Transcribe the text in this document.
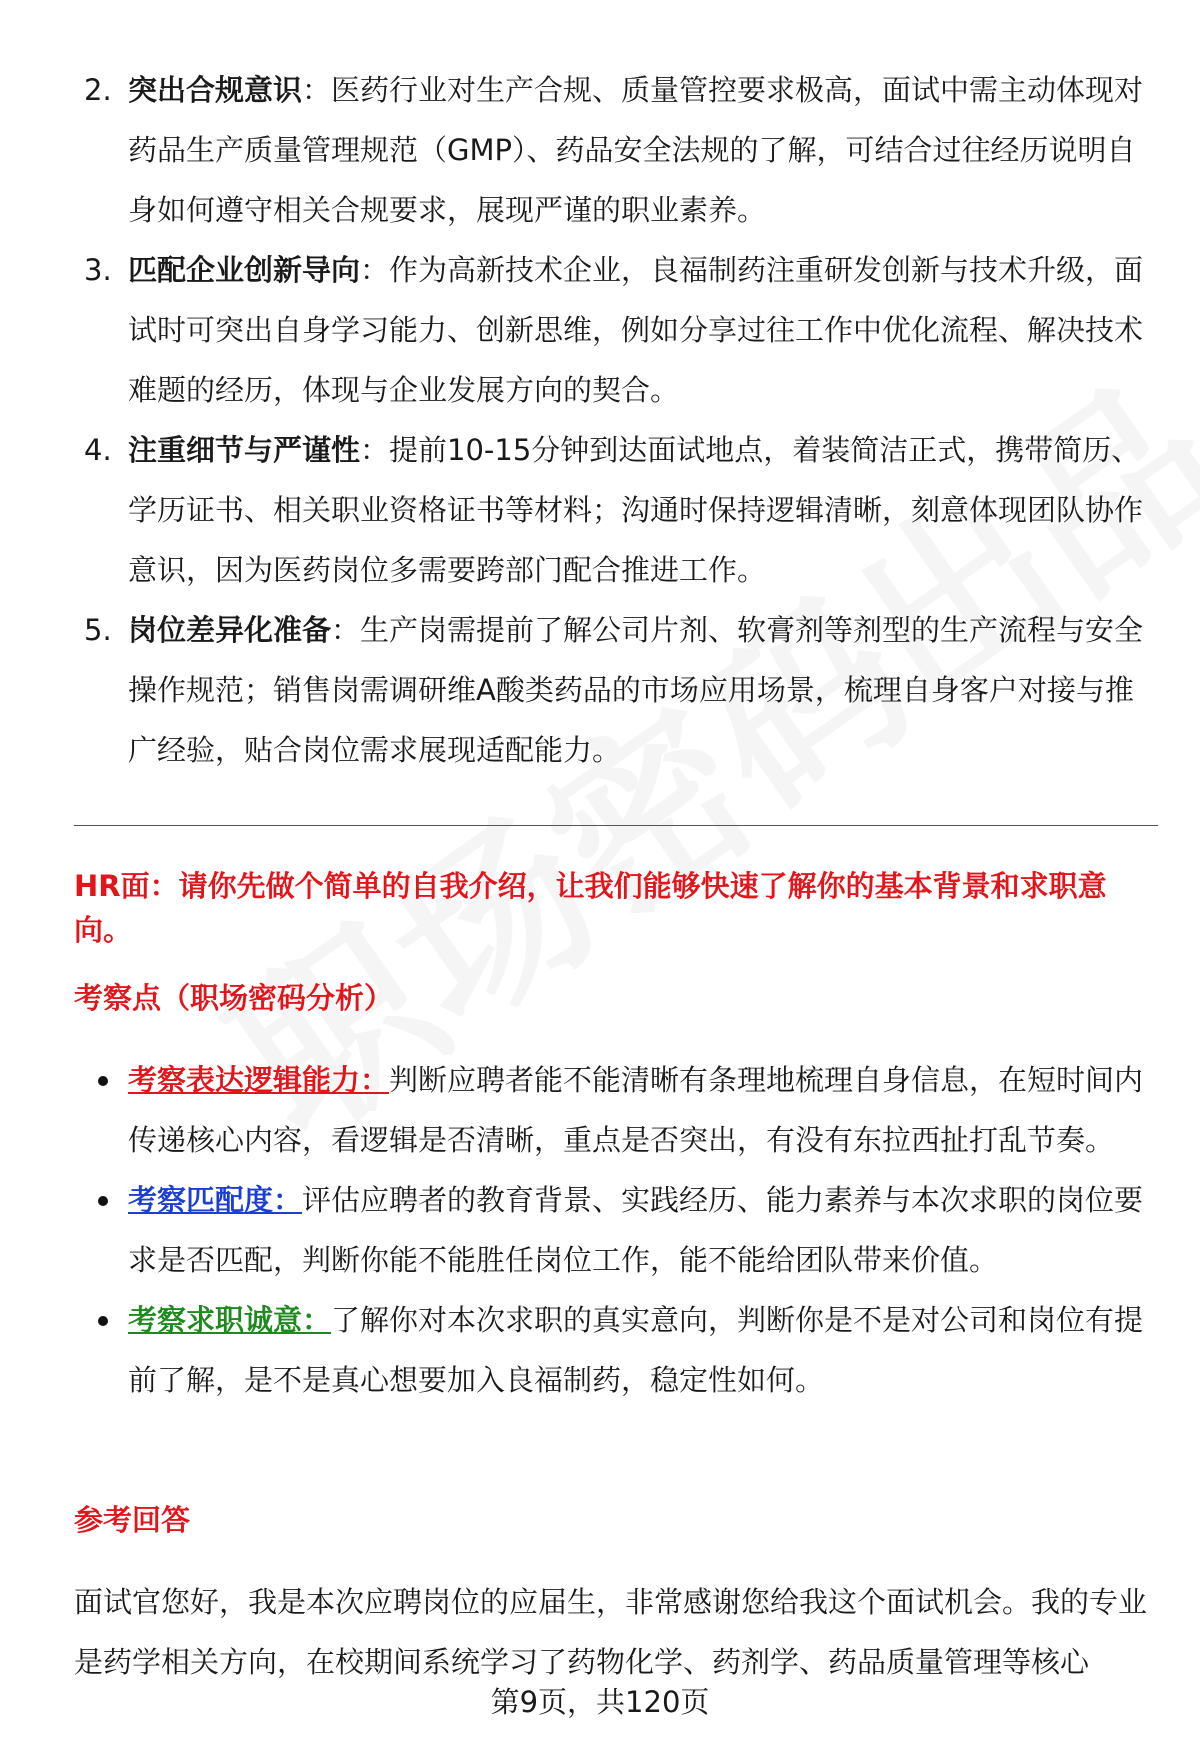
2. 突出合规意识：医药行业对生产合规、质量管控要求极高，面试中需主动体现对药品生产质量管理规范（GMP）、药品安全法规的了解，可结合过往经历说明自身如何遵守相关合规要求，展现严谨的职业素养。
3. 匹配企业创新导向：作为高新技术企业，良福制药注重研发创新与技术升级，面试时可突出自身学习能力、创新思维，例如分享过往工作中优化流程、解决技术难题的经历，体现与企业发展方向的契合。
4. 注重细节与严谨性：提前10-15分钟到达面试地点，着装简洁正式，携带简历、学历证书、相关职业资格证书等材料；沟通时保持逻辑清晰，刻意体现团队协作意识，因为医药岗位多需要跨部门配合推进工作。
5. 岗位差异化准备：生产岗需提前了解公司片剂、软膏剂等剂型的生产流程与安全操作规范；销售岗需调研维A酸类药品的市场应用场景，梳理自身客户对接与推广经验，贴合岗位需求展现适配能力。
HR面：请你先做个简单的自我介绍，让我们能够快速了解你的基本背景和求职意向。
考察点（职场密码分析）
考察表达逻辑能力：判断应聘者能不能清晰有条理地梳理自身信息，在短时间内传递核心内容，看逻辑是否清晰，重点是否突出，有没有东拉西扯打乱节奏。
考察匹配度：评估应聘者的教育背景、实践经历、能力素养与本次求职的岗位要求是否匹配，判断你能不能胜任岗位工作，能不能给团队带来价值。
考察求职诚意：了解你对本次求职的真实意向，判断你是不是对公司和岗位有提前了解，是不是真心想要加入良福制药，稳定性如何。
参考回答
面试官您好，我是本次应聘岗位的应届生，非常感谢您给我这个面试机会。我的专业是药学相关方向，在校期间系统学习了药物化学、药剂学、药品质量管理等核心
第9页，共120页
